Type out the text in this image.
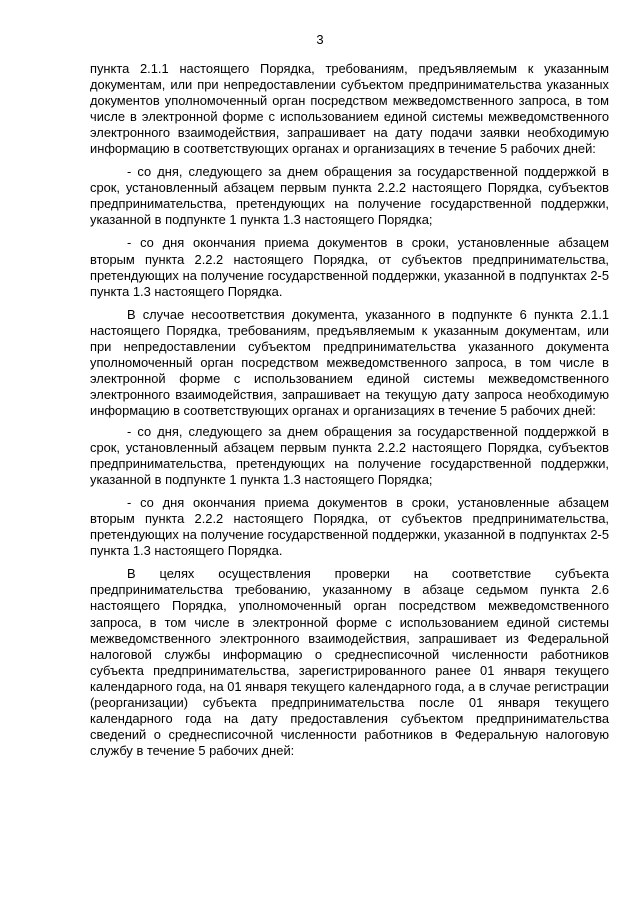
3

пункта 2.1.1 настоящего Порядка, требованиям, предъявляемым к указанным документам, или при непредоставлении субъектом предпринимательства указанных документов уполномоченный орган посредством межведомственного запроса, в том числе в электронной форме с использованием единой системы межведомственного электронного взаимодействия, запрашивает на дату подачи заявки необходимую информацию в соответствующих органах и организациях в течение 5 рабочих дней:

- со дня, следующего за днем обращения за государственной поддержкой в срок, установленный абзацем первым пункта 2.2.2 настоящего Порядка, субъектов предпринимательства, претендующих на получение государственной поддержки, указанной в подпункте 1 пункта 1.3 настоящего Порядка;

- со дня окончания приема документов в сроки, установленные абзацем вторым пункта 2.2.2 настоящего Порядка, от субъектов предпринимательства, претендующих на получение государственной поддержки, указанной в подпунктах 2-5 пункта 1.3 настоящего Порядка.

В случае несоответствия документа, указанного в подпункте 6 пункта 2.1.1 настоящего Порядка, требованиям, предъявляемым к указанным документам, или при непредоставлении субъектом предпринимательства указанного документа уполномоченный орган посредством межведомственного запроса, в том числе в электронной форме с использованием единой системы межведомственного электронного взаимодействия, запрашивает на текущую дату запроса необходимую информацию в соответствующих органах и организациях в течение 5 рабочих дней:

- со дня, следующего за днем обращения за государственной поддержкой в срок, установленный абзацем первым пункта 2.2.2 настоящего Порядка, субъектов предпринимательства, претендующих на получение государственной поддержки, указанной в подпункте 1 пункта 1.3 настоящего Порядка;

- со дня окончания приема документов в сроки, установленные абзацем вторым пункта 2.2.2 настоящего Порядка, от субъектов предпринимательства, претендующих на получение государственной поддержки, указанной в подпунктах 2-5 пункта 1.3 настоящего Порядка.

В целях осуществления проверки на соответствие субъекта предпринимательства требованию, указанному в абзаце седьмом пункта 2.6 настоящего Порядка, уполномоченный орган посредством межведомственного запроса, в том числе в электронной форме с использованием единой системы межведомственного электронного взаимодействия, запрашивает из Федеральной налоговой службы информацию о среднесписочной численности работников субъекта предпринимательства, зарегистрированного ранее 01 января текущего календарного года, на 01 января текущего календарного года, а в случае регистрации (реорганизации) субъекта предпринимательства после 01 января текущего календарного года на дату предоставления субъектом предпринимательства сведений о среднесписочной численности работников в Федеральную налоговую службу в течение 5 рабочих дней:
